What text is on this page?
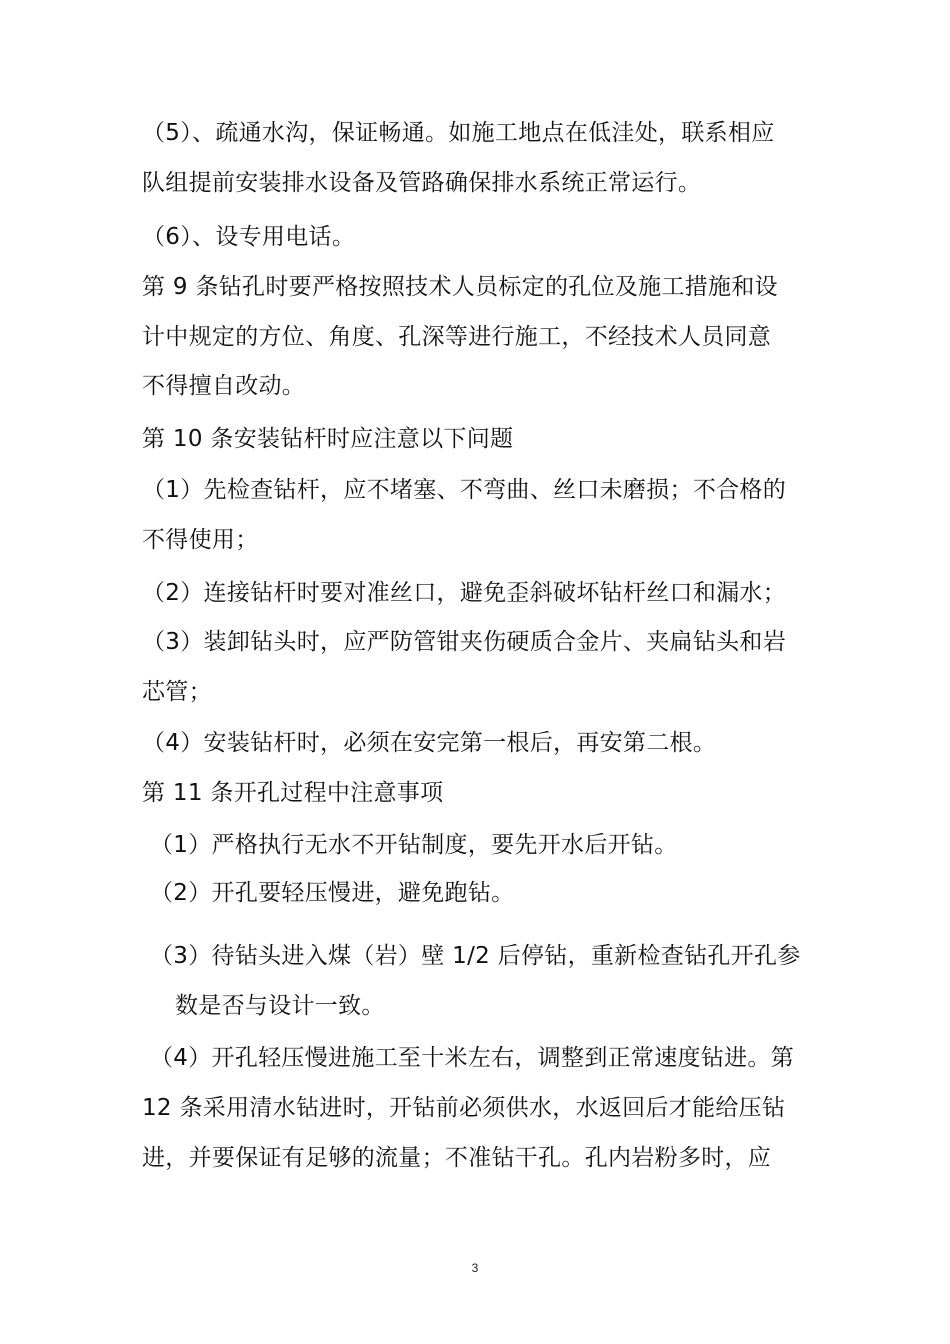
（5）、疏通水沟，保证畅通。如施工地点在低洼处，联系相应
队组提前安装排水设备及管路确保排水系统正常运行。
（6）、设专用电话。
第 9 条钻孔时要严格按照技术人员标定的孔位及施工措施和设
计中规定的方位、角度、孔深等进行施工，不经技术人员同意
不得擅自改动。
第 10 条安装钻杆时应注意以下问题
（1）先检查钻杆，应不堵塞、不弯曲、丝口未磨损；不合格的
不得使用；
（2）连接钻杆时要对准丝口，避免歪斜破坏钻杆丝口和漏水；
（3）装卸钻头时，应严防管钳夹伤硬质合金片、夹扁钻头和岩
芯管；
（4）安装钻杆时，必须在安完第一根后，再安第二根。
第 11 条开孔过程中注意事项
（1）严格执行无水不开钻制度，要先开水后开钻。
（2）开孔要轻压慢进，避免跑钻。
（3）待钻头进入煤（岩）壁 1/2 后停钻，重新检查钻孔开孔参
数是否与设计一致。
（4）开孔轻压慢进施工至十米左右，调整到正常速度钻进。第
12 条采用清水钻进时，开钻前必须供水，水返回后才能给压钻
进，并要保证有足够的流量；不准钻干孔。孔内岩粉多时，应
3
